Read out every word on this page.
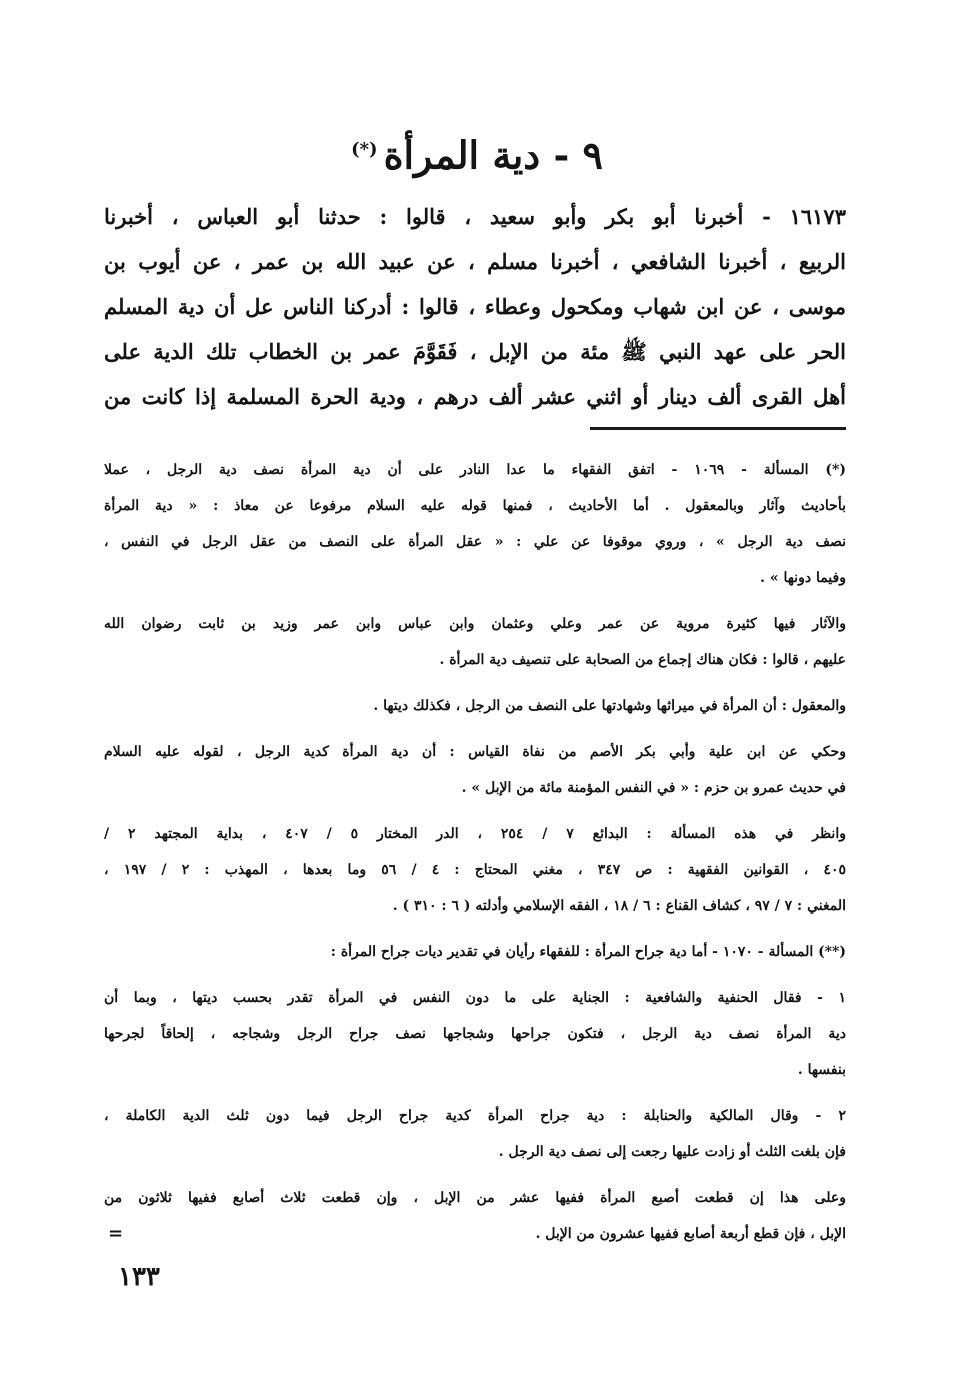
٩ - دية المرأة(*)
١٦١٧٣ - أخبرنا أبو بكر وأبو سعيد ، قالوا : حدثنا أبو العباس ، أخبرنا
الربيع ، أخبرنا الشافعي ، أخبرنا مسلم ، عن عبيد الله بن عمر ، عن أيوب بن
موسى ، عن ابن شهاب ومكحول وعطاء ، قالوا : أدركنا الناس عل أن دية المسلم
الحر على عهد النبي ﷺ مئة من الإبل ، فَقَوَّمَ عمر بن الخطاب تلك الدية على
أهل القرى ألف دينار أو اثني عشر ألف درهم ، ودية الحرة المسلمة إذا كانت من
(*) المسألة - ١٠٦٩ - اتفق الفقهاء ما عدا النادر على أن دية المرأة نصف دية الرجل ، عملا
بأحاديث وآثار وبالمعقول . أما الأحاديث ، فمنها قوله عليه السلام مرفوعا عن معاذ : « دية المرأة
نصف دية الرجل » ، وروي موقوفا عن علي : « عقل المرأة على النصف من عقل الرجل في النفس ،
وفيما دونها » .
والآثار فيها كثيرة مروية عن عمر وعلي وعثمان وابن عباس وابن عمر وزيد بن ثابت رضوان الله
عليهم ، قالوا : فكان هناك إجماع من الصحابة على تنصيف دية المرأة .
والمعقول : أن المرأة في ميراثها وشهادتها على النصف من الرجل ، فكذلك ديتها .
وحكي عن ابن علية وأبي بكر الأصم من نفاة القياس : أن دية المرأة كدية الرجل ، لقوله عليه السلام
في حديث عمرو بن حزم : « في النفس المؤمنة مائة من الإبل » .
وانظر في هذه المسألة : البدائع ٧ / ٢٥٤ ، الدر المختار ٥ / ٤٠٧ ، بداية المجتهد ٢ /
٤٠٥ ، القوانين الفقهية : ص ٣٤٧ ، مغني المحتاج : ٤ / ٥٦ وما بعدها ، المهذب : ٢ / ١٩٧ ،
المغني : ٧ / ٩٧ ، كشاف القناع : ٦ / ١٨ ، الفقه الإسلامي وأدلته ( ٦ : ٣١٠ ) .
(**) المسألة - ١٠٧٠ - أما دية جراح المرأة : للفقهاء رأيان في تقدير ديات جراح المرأة :
١ - فقال الحنفية والشافعية : الجناية على ما دون النفس في المرأة تقدر بحسب ديتها ، وبما أن
دية المرأة نصف دية الرجل ، فتكون جراحها وشجاجها نصف جراح الرجل وشجاجه ، إلحاقاً لجرحها
بنفسها .
٢ - وقال المالكية والحنابلة : دية جراح المرأة كدية جراح الرجل فيما دون ثلث الدية الكاملة ،
فإن بلغت الثلث أو زادت عليها رجعت إلى نصف دية الرجل .
وعلى هذا إن قطعت أصبع المرأة ففيها عشر من الإبل ، وإن قطعت ثلاث أصابع ففيها ثلاثون من
الإبل ، فإن قطع أربعة أصابع ففيها عشرون من الإبل .
=
١٣٣
